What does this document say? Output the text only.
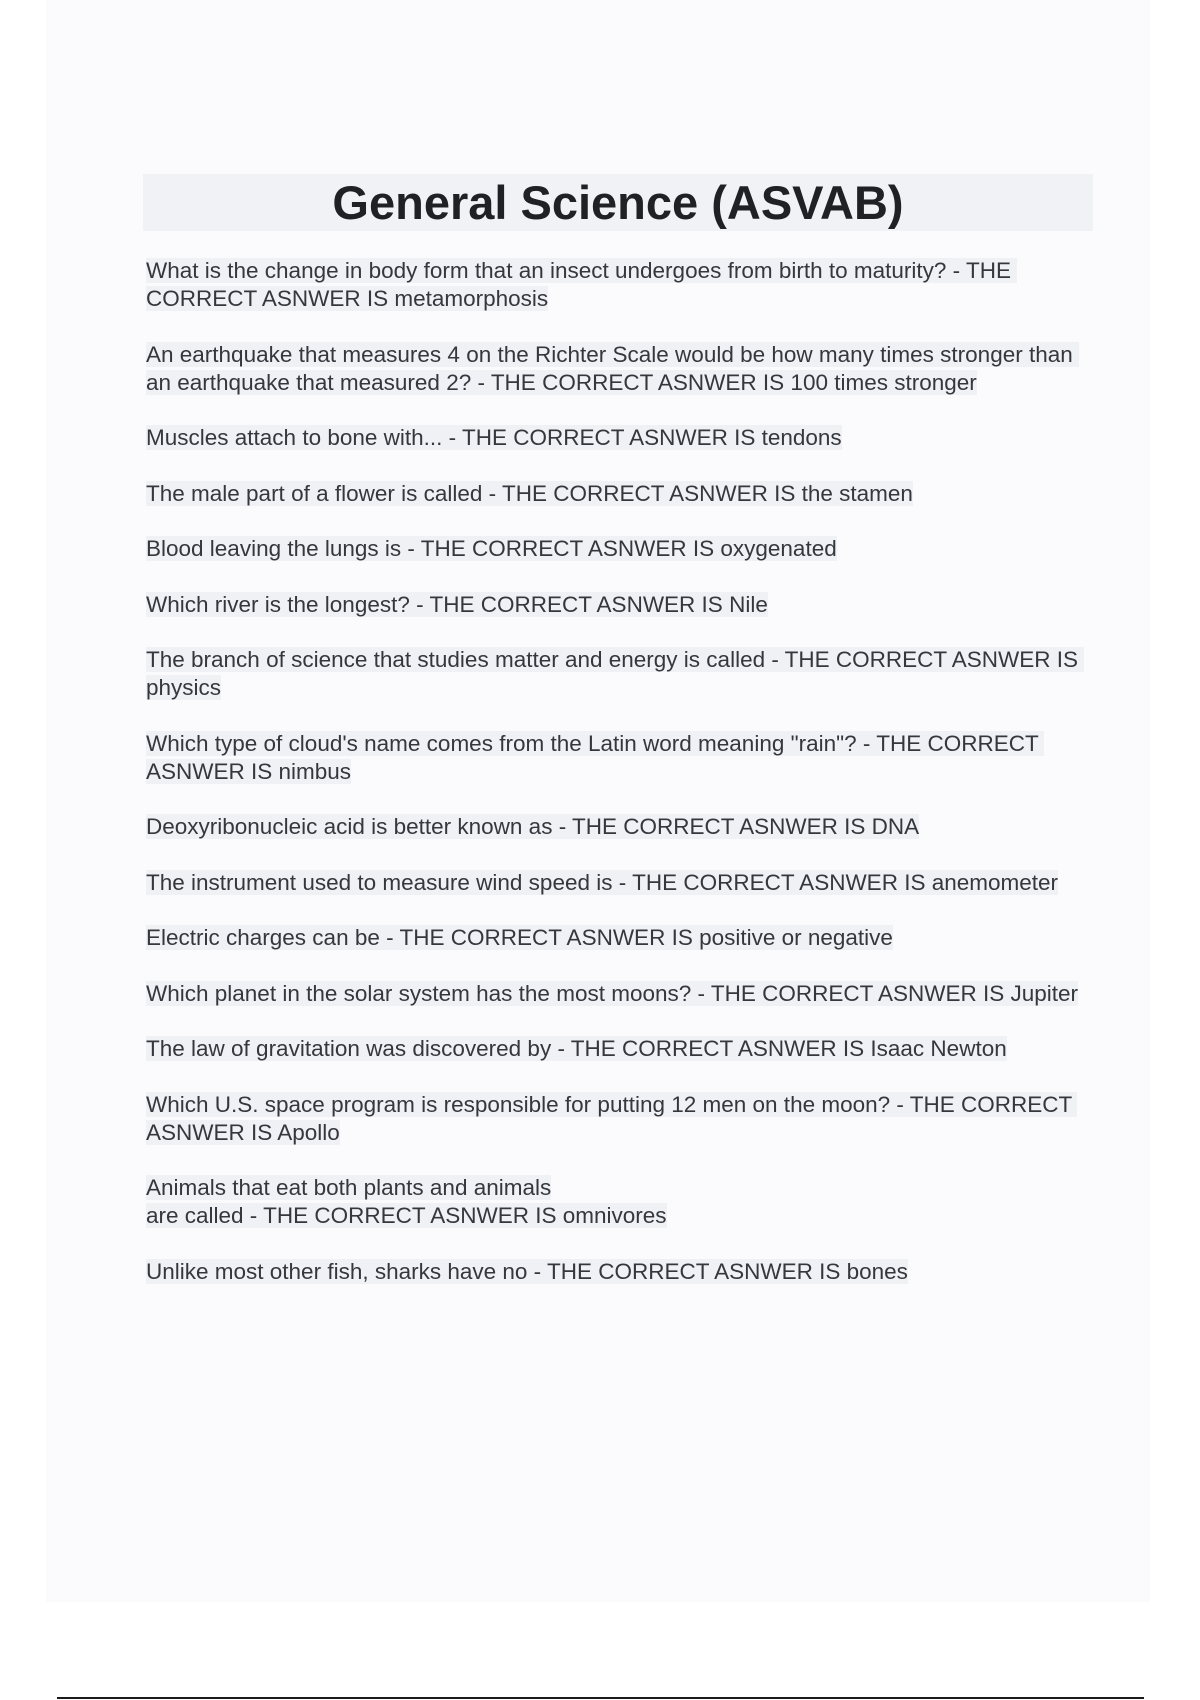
General Science (ASVAB)
What is the change in body form that an insect undergoes from birth to maturity? - THE CORRECT ASNWER IS metamorphosis
An earthquake that measures 4 on the Richter Scale would be how many times stronger than an earthquake that measured 2? - THE CORRECT ASNWER IS 100 times stronger
Muscles attach to bone with... - THE CORRECT ASNWER IS tendons
The male part of a flower is called - THE CORRECT ASNWER IS the stamen
Blood leaving the lungs is - THE CORRECT ASNWER IS oxygenated
Which river is the longest? - THE CORRECT ASNWER IS Nile
The branch of science that studies matter and energy is called - THE CORRECT ASNWER IS physics
Which type of cloud's name comes from the Latin word meaning "rain"? - THE CORRECT ASNWER IS nimbus
Deoxyribonucleic acid is better known as - THE CORRECT ASNWER IS DNA
The instrument used to measure wind speed is - THE CORRECT ASNWER IS anemometer
Electric charges can be - THE CORRECT ASNWER IS positive or negative
Which planet in the solar system has the most moons? - THE CORRECT ASNWER IS Jupiter
The law of gravitation was discovered by - THE CORRECT ASNWER IS Isaac Newton
Which U.S. space program is responsible for putting 12 men on the moon? - THE CORRECT ASNWER IS Apollo
Animals that eat both plants and animals
are called - THE CORRECT ASNWER IS omnivores
Unlike most other fish, sharks have no - THE CORRECT ASNWER IS bones
